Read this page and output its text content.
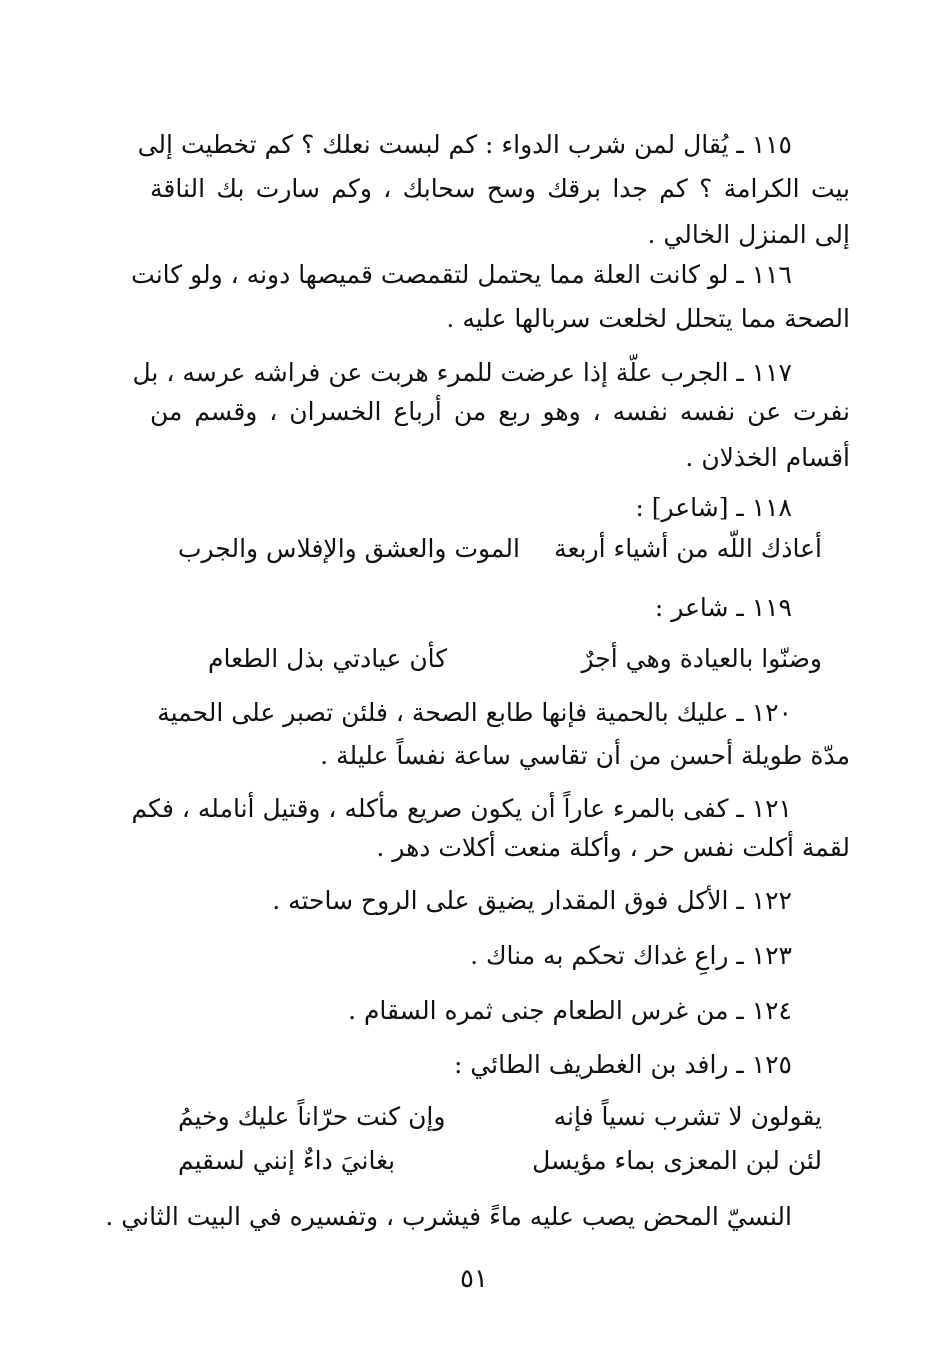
١١٥ ـ يُقال لمن شرب الدواء : كم لبست نعلك ؟ كم تخطيت إلى
بيت الكرامة ؟ كم جدا برقك وسح سحابك ، وكم سارت بك الناقة إلى المنزل الخالي .
١١٦ ـ لو كانت العلة مما يحتمل لتقمصت قميصها دونه ، ولو كانت
الصحة مما يتحلل لخلعت سربالها عليه .
١١٧ ـ الجرب علّة إذا عرضت للمرء هربت عن فراشه عرسه ، بل
نفرت عن نفسه نفسه ، وهو ربع من أرباع الخسران ، وقسم من أقسام الخذلان .
١١٨ ـ [شاعر] :
أعاذك اللّه من أشياء أربعة
الموت والعشق والإفلاس والجرب
١١٩ ـ شاعر :
وضنّوا بالعيادة وهي أجرٌ
كأن عيادتي بذل الطعام
١٢٠ ـ عليك بالحمية فإنها طابع الصحة ، فلئن تصبر على الحمية
مدّة طويلة أحسن من أن تقاسي ساعة نفساً عليلة .
١٢١ ـ كفى بالمرء عاراً أن يكون صريع مأكله ، وقتيل أنامله ، فكم
لقمة أكلت نفس حر ، وأكلة منعت أكلات دهر .
١٢٢ ـ الأكل فوق المقدار يضيق على الروح ساحته .
١٢٣ ـ راعِ غداك تحكم به مناك .
١٢٤ ـ من غرس الطعام جنى ثمره السقام .
١٢٥ ـ رافد بن الغطريف الطائي :
يقولون لا تشرب نسياً فإنه
وإن كنت حرّاناً عليك وخيمُ
لئن لبن المعزى بماء مؤيسل
بغانيَ داءٌ إنني لسقيم
النسيّ المحض يصب عليه ماءً فيشرب ، وتفسيره في البيت الثاني .
٥١
